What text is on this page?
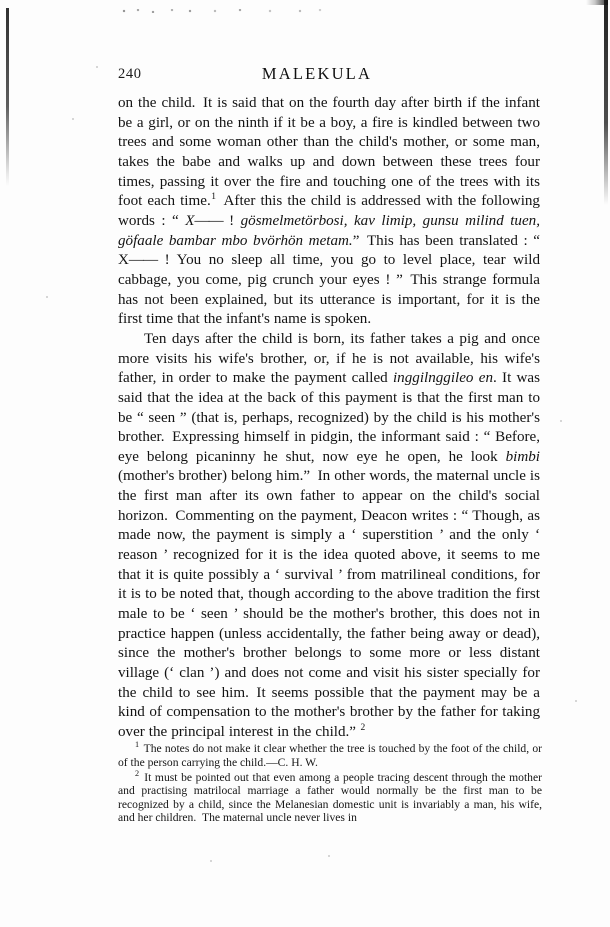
240	MALEKULA

on the child. It is said that on the fourth day after birth if the infant be a girl, or on the ninth if it be a boy, a fire is kindled between two trees and some woman other than the child's mother, or some man, takes the babe and walks up and down between these trees four times, passing it over the fire and touching one of the trees with its foot each time.$^1$ After this the child is addressed with the following words : “ X—— ! gösmelmetörbosi, kav limip, gunsu milind tuen, göfaale bambar mbo bvörhön metam.” This has been translated : “ X—— ! You no sleep all time, you go to level place, tear wild cabbage, you come, pig crunch your eyes ! ” This strange formula has not been explained, but its utterance is important, for it is the first time that the infant's name is spoken.

Ten days after the child is born, its father takes a pig and once more visits his wife's brother, or, if he is not available, his wife's father, in order to make the payment called inggilnggileo en. It was said that the idea at the back of this payment is that the first man to be “ seen ” (that is, perhaps, recognized) by the child is his mother's brother. Expressing himself in pidgin, the informant said : “ Before, eye belong picaninny he shut, now eye he open, he look bimbi (mother's brother) belong him.” In other words, the maternal uncle is the first man after its own father to appear on the child's social horizon. Commenting on the payment, Deacon writes : “ Though, as made now, the payment is simply a ‘ superstition ’ and the only ‘ reason ’ recognized for it is the idea quoted above, it seems to me that it is quite possibly a ‘ survival ’ from matrilineal conditions, for it is to be noted that, though according to the above tradition the first male to be ‘ seen ’ should be the mother's brother, this does not in practice happen (unless accidentally, the father being away or dead), since the mother's brother belongs to some more or less distant village (‘ clan ’) and does not come and visit his sister specially for the child to see him. It seems possible that the payment may be a kind of compensation to the mother's brother by the father for taking over the principal interest in the child.” $^2$

$^1$ The notes do not make it clear whether the tree is touched by the foot of the child, or of the person carrying the child.—C. H. W.

$^2$ It must be pointed out that even among a people tracing descent through the mother and practising matrilocal marriage a father would normally be the first man to be recognized by a child, since the Melanesian domestic unit is invariably a man, his wife, and her children. The maternal uncle never lives in
